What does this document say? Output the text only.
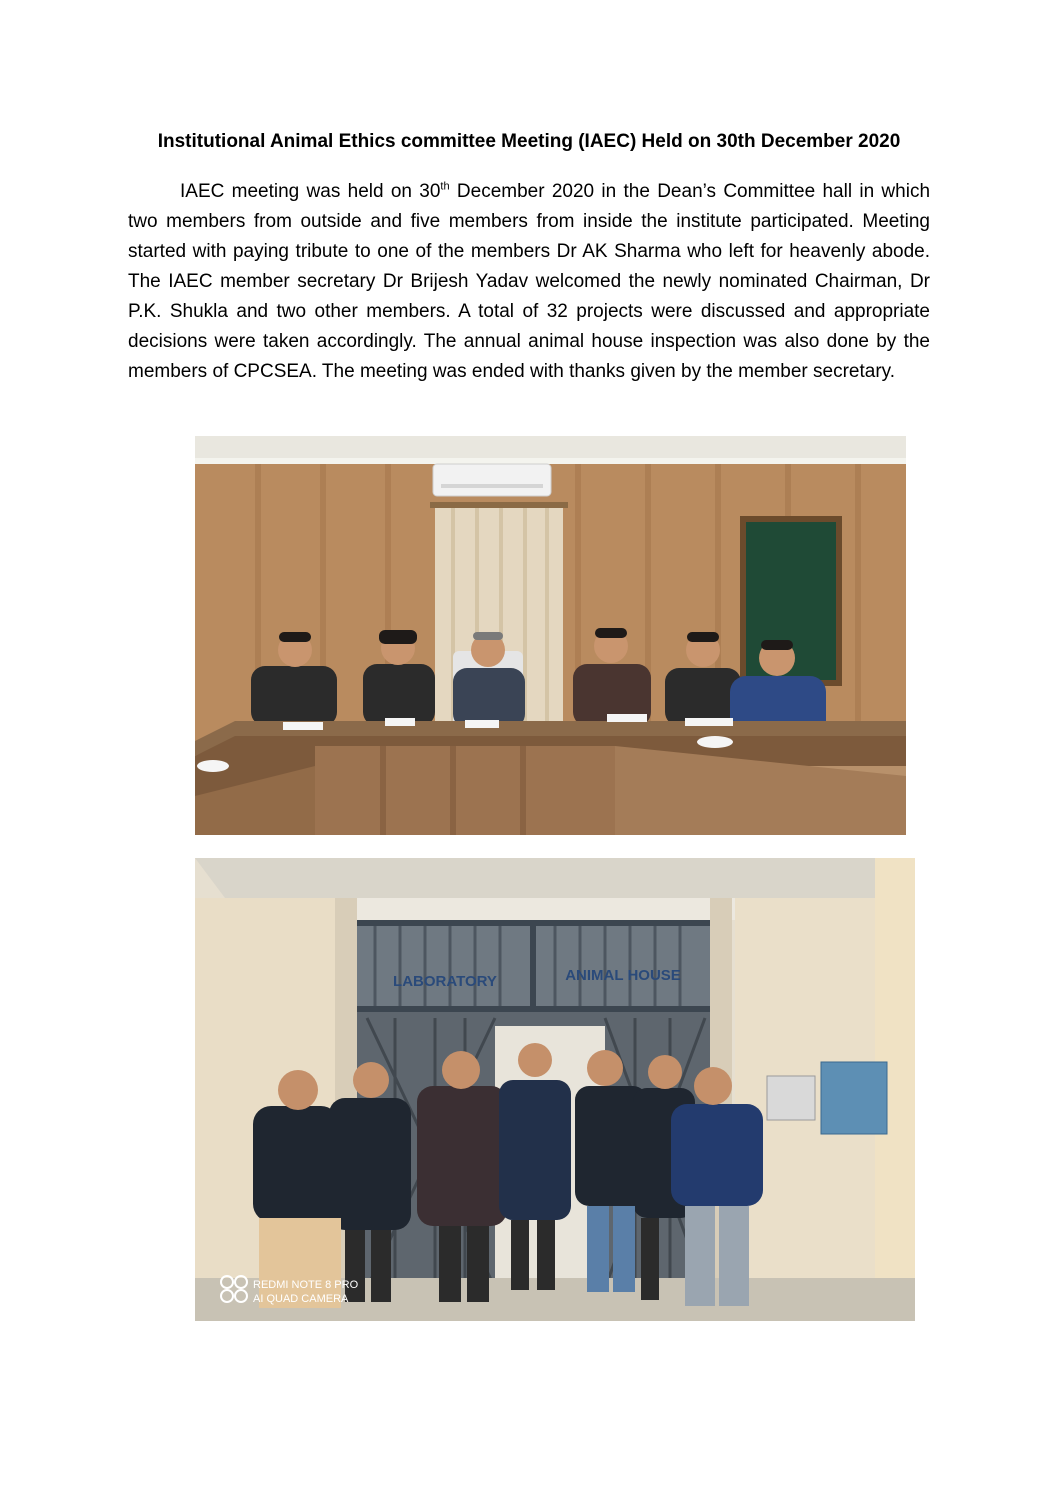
Institutional Animal Ethics committee Meeting (IAEC) Held on 30th December 2020

IAEC meeting was held on 30th December 2020 in the Dean’s Committee hall in which two members from outside and five members from inside the institute participated. Meeting started with paying tribute to one of the members Dr AK Sharma who left for heavenly abode. The IAEC member secretary Dr Brijesh Yadav welcomed the newly nominated Chairman, Dr P.K. Shukla and two other members. A total of 32 projects were discussed and appropriate decisions were taken accordingly. The annual animal house inspection was also done by the members of CPCSEA. The meeting was ended with thanks given by the member secretary.

LABORATORY	ANIMAL HOUSE
REDMI NOTE 8 PRO
AI QUAD CAMERA
